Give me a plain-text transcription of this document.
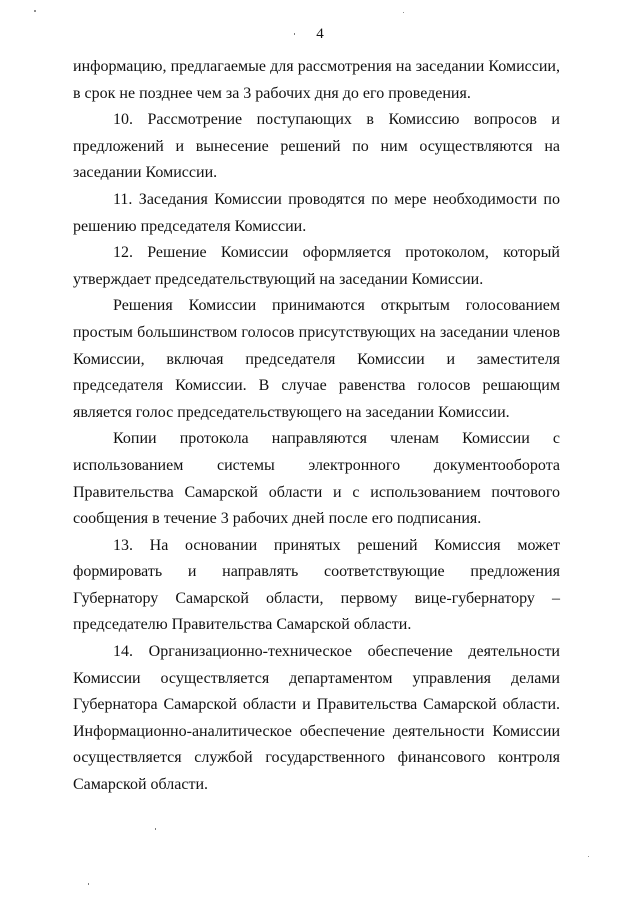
4

информацию, предлагаемые для рассмотрения на заседании Комиссии, в срок не позднее чем за 3 рабочих дня до его проведения.

10. Рассмотрение поступающих в Комиссию вопросов и предложений и вынесение решений по ним осуществляются на заседании Комиссии.

11. Заседания Комиссии проводятся по мере необходимости по решению председателя Комиссии.

12. Решение Комиссии оформляется протоколом, который утверждает председательствующий на заседании Комиссии.

Решения Комиссии принимаются открытым голосованием простым большинством голосов присутствующих на заседании членов Комиссии, включая председателя Комиссии и заместителя председателя Комиссии. В случае равенства голосов решающим является голос председательствующего на заседании Комиссии.

Копии протокола направляются членам Комиссии с использованием системы электронного документооборота Правительства Самарской области и с использованием почтового сообщения в течение 3 рабочих дней после его подписания.

13. На основании принятых решений Комиссия может формировать и направлять соответствующие предложения Губернатору Самарской области, первому вице-губернатору – председателю Правительства Самарской области.

14. Организационно-техническое обеспечение деятельности Комиссии осуществляется департаментом управления делами Губернатора Самарской области и Правительства Самарской области. Информационно-аналитическое обеспечение деятельности Комиссии осуществляется службой государственного финансового контроля Самарской области.
